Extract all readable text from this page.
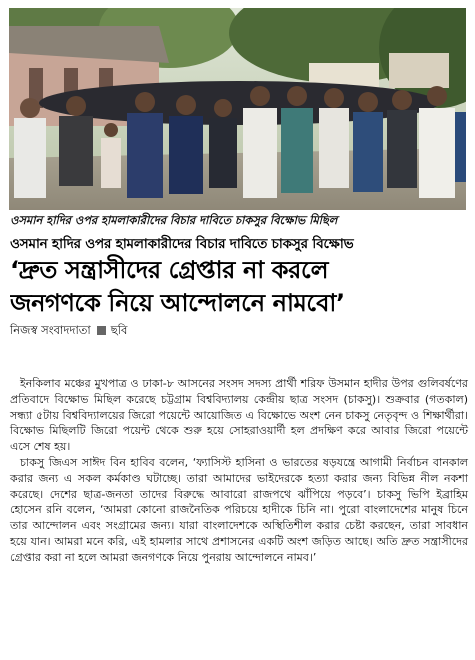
ওসমান হাদির ওপর হামলাকারীদের বিচার দাবিতে চাকসুর বিক্ষোভ মিছিল
ওসমান হাদির ওপর হামলাকারীদের বিচার দাবিতে চাকসুর বিক্ষোভ
‘দ্রুত সন্ত্রাসীদের গ্রেপ্তার না করলে
জনগণকে নিয়ে আন্দোলনে নামবো’
নিজস্ব সংবাদদাতা ছবি

ইনকিলাব মঞ্চের মুখপাত্র ও ঢাকা-৮ আসনের সংসদ সদস্য প্রার্থী শরিফ উসমান হাদীর উপর গুলিবর্ষণের প্রতিবাদে বিক্ষোভ মিছিল করেছে চট্টগ্রাম বিশ্ববিদ্যালয় কেন্দ্রীয় ছাত্র সংসদ (চাকসু)। শুক্রবার (গতকাল) সন্ধ্যা ৫টায় বিশ্ববিদ্যালয়ের জিরো পয়েন্টে আয়োজিত এ বিক্ষোভে অংশ নেন চাকসু নেতৃবৃন্দ ও শিক্ষার্থীরা। বিক্ষোভ মিছিলটি জিরো পয়েন্ট থেকে শুরু হয়ে সোহরাওয়ার্দী হল প্রদক্ষিণ করে আবার জিরো পয়েন্টে এসে শেষ হয়।

চাকসু জিএস সাঈদ বিন হাবিব বলেন, ‘ফ্যাসিস্ট হাসিনা ও ভারতের ষড়যন্ত্রে আগামী নির্বাচন বানকাল করার জন্য এ সকল কর্মকাণ্ড ঘটাচ্ছে। তারা আমাদের ভাইদেরকে হত্যা করার জন্য বিভিন্ন নীল নকশা করেছে। দেশের ছাত্র-জনতা তাদের বিরুদ্ধে আবারো রাজপথে ঝাঁপিয়ে পড়বে’। চাকসু ভিপি ইব্রাহিম হোসেন রনি বলেন, ‘আমরা কোনো রাজনৈতিক পরিচয়ে হাদীকে চিনি না। পুরো বাংলাদেশের মানুষ চিনে তার আন্দোলন এবং সংগ্রামের জন্য। যারা বাংলাদেশকে অস্থিতিশীল করার চেষ্টা করছেন, তারা সাবধান হয়ে যান। আমরা মনে করি, এই হামলার সাথে প্রশাসনের একটি অংশ জড়িত আছে। অতি দ্রুত সন্ত্রাসীদের গ্রেপ্তার করা না হলে আমরা জনগণকে নিয়ে পুনরায় আন্দোলনে নামব।’
